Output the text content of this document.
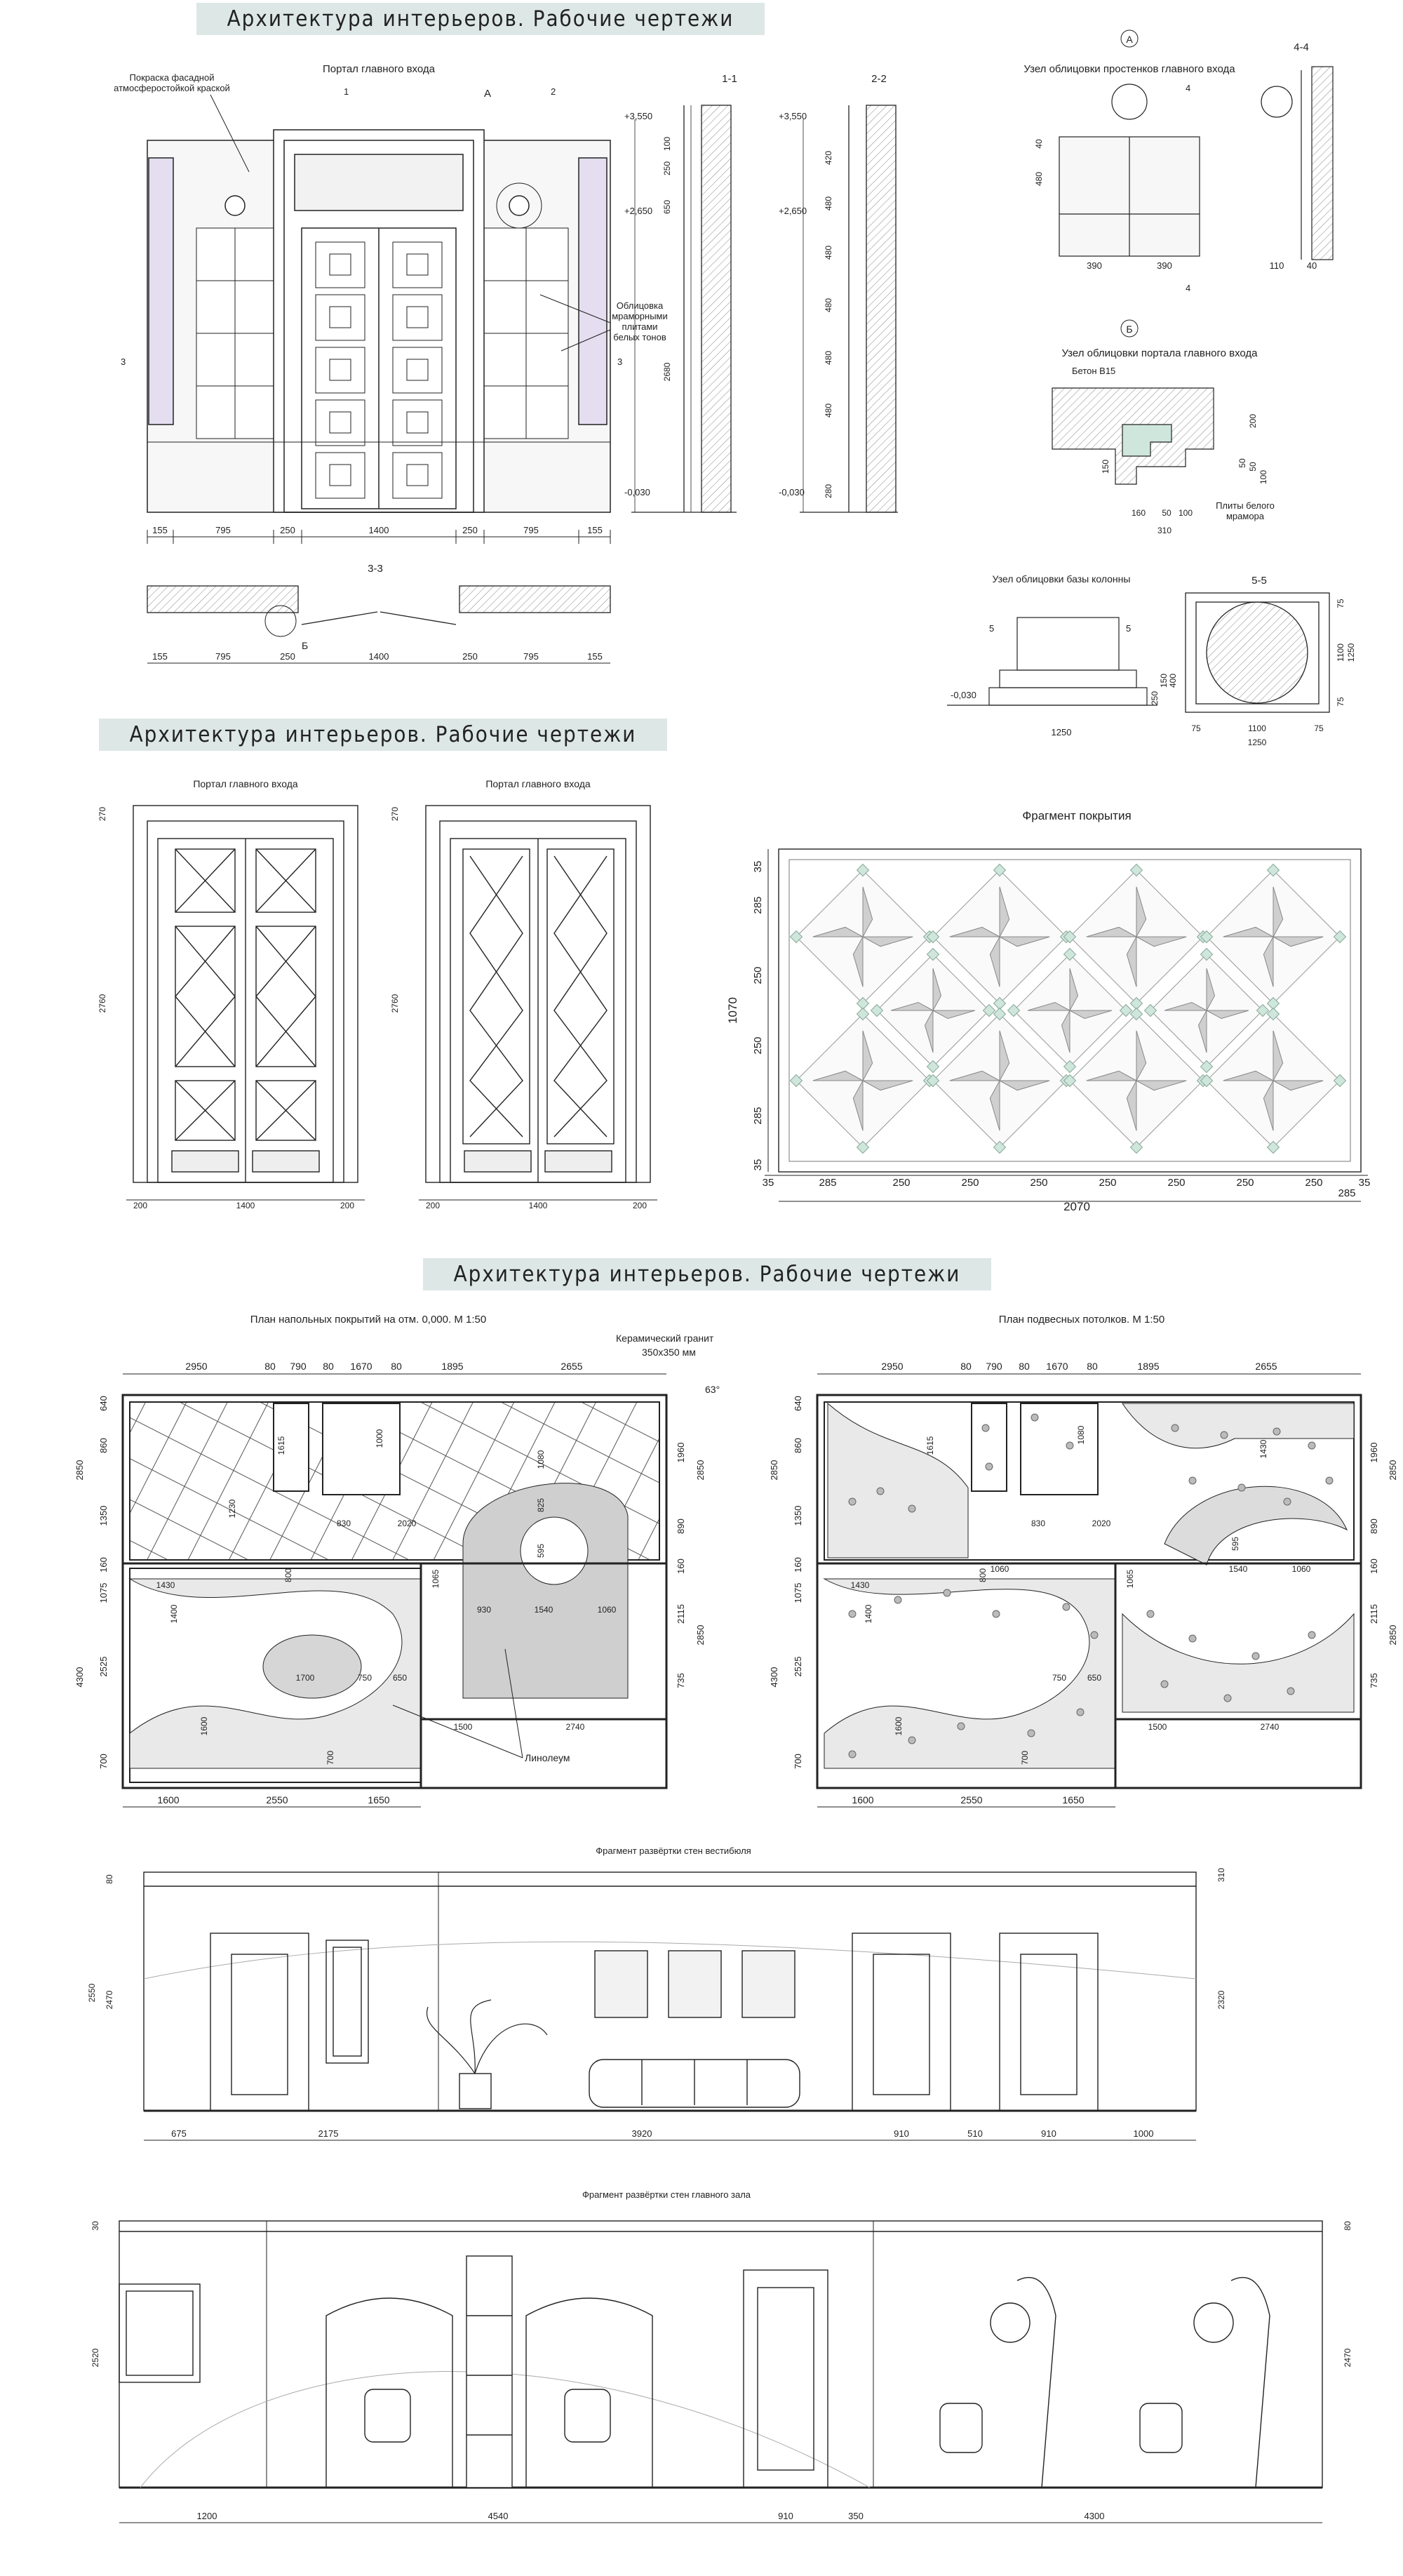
Архитектура интерьеров. Рабочие чертежи
Архитектура интерьеров. Рабочие чертежи
Архитектура интерьеров. Рабочие чертежи
Портал главного входа
Покраска фасадной
атмосферостойкой краской	А
1	2
3	3
Облицовка
мраморными
плитами
белых тонов
155	795	250	1400	250	795	155
1-1
+3,550
+2,650
-0,030
100
250
650
2680
2-2
+3,550
+2,650
-0,030
420
480
480
480
480
480
280
3-3
Б
155	795	250	1400	250	795	155
А
Узел облицовки простенков главного входа
390	390
480
40
4
4
4-4
110 40
Б
Узел облицовки портала главного входа
Бетон В15
Плиты белого
мрамора
160 50 100
310
150
200
50 50
100
Узел облицовки базы колонны
5	5
-0,030
1250
250
150 400
5-5
75	1100	75
1250
75
1100
75
1250
Портал главного входа
270
2760
200	1400	200
Портал главного входа
270
2760
200	1400	200
Фрагмент покрытия
2070
1070
35	285	250	250	250	250	250	250	250
285
35
35
285
250
250
285
35
План напольных покрытий на отм. 0,000. М 1:50	План подвесных потолков. М 1:50
Керамический гранит
350x350 мм
63°
Линолеум
2950	80 790 80 1670 80	1895	2655
640
860
1350
160
1075
2525
700
2850
4300
1960
890
160
2115
735
2850
2850
1600	2550	1650
1615	1000
1230
1430
830	2020
800
1400
1065
930	1540	1060
1700	750 650
1600
700
1500	2740
595
825
1080
2950	80 790 80 1670 80	1895	2655
640
860
1350
160
1075
2525
700
2850
4300
1960
890
160
2115
735
2850
2850
1600	2550	1650
1615
1430
830	2020
800
1400
1065
1540	1060
750 650
1600
700
1500	2740
595
1080
1060
1430
Фрагмент развёртки стен вестибюля
675	2175	3920	910	510	910	1000
80
2470
2550	2320
310
Фрагмент развёртки стен главного зала
1200	4540	910	350	4300
30
2520
80
2470
